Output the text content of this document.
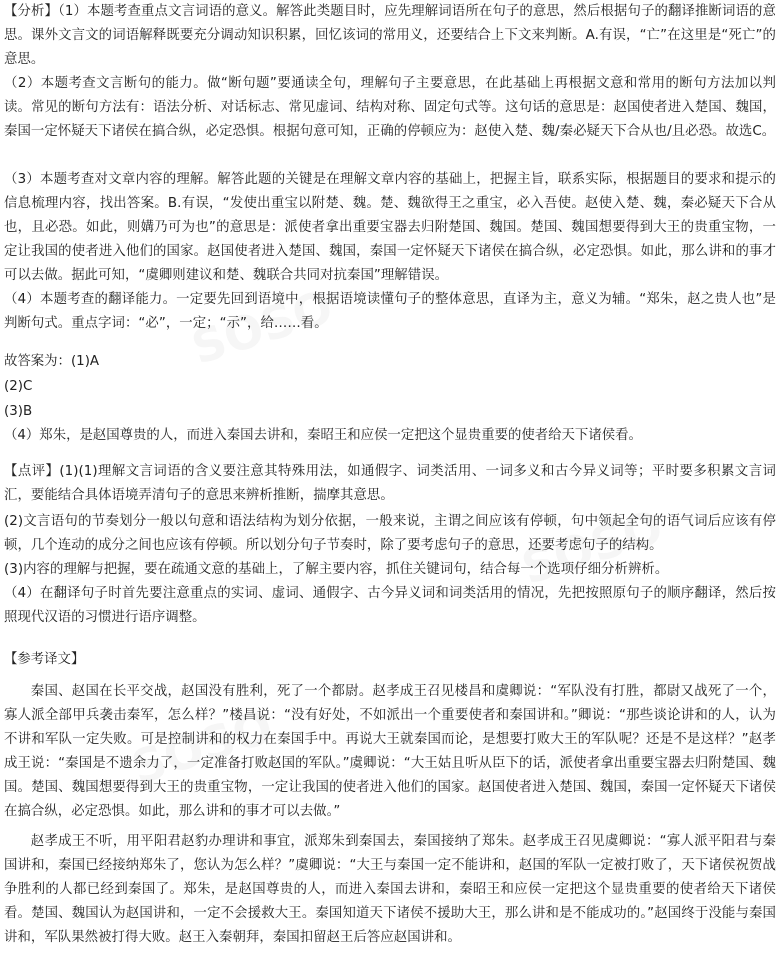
【分析】（1）本题考查重点文言词语的意义。解答此类题目时，应先理解词语所在句子的意思，然后根据句子的翻译推断词语的意思。课外文言文的词语解释既要充分调动知识积累，回忆该词的常用义，还要结合上下文来判断。A.有误，“亡”在这里是“死亡”的意思。
（2）本题考查文言断句的能力。做“断句题”要通读全句，理解句子主要意思，在此基础上再根据文意和常用的断句方法加以判读。常见的断句方法有：语法分析、对话标志、常见虚词、结构对称、固定句式等。这句话的意思是：赵国使者进入楚国、魏国，秦国一定怀疑天下诸侯在搞合纵，必定恐惧。根据句意可知，正确的停顿应为：赵使入楚、魏/秦必疑天下合从也/且必恐。故选C。
（3）本题考查对文章内容的理解。解答此题的关键是在理解文章内容的基础上，把握主旨，联系实际，根据题目的要求和提示的信息梳理内容，找出答案。B.有误，“发使出重宝以附楚、魏。楚、魏欲得王之重宝，必入吾使。赵使入楚、魏，秦必疑天下合从也，且必恐。如此，则媾乃可为也”的意思是：派使者拿出重要宝器去归附楚国、魏国。楚国、魏国想要得到大王的贵重宝物，一定让我国的使者进入他们的国家。赵国使者进入楚国、魏国，秦国一定怀疑天下诸侯在搞合纵，必定恐惧。如此，那么讲和的事才可以去做。据此可知，“虞卿则建议和楚、魏联合共同对抗秦国”理解错误。
（4）本题考查的翻译能力。一定要先回到语境中，根据语境读懂句子的整体意思，直译为主，意义为辅。“郑朱，赵之贵人也”是判断句式。重点字词：“必”，一定；“示”，给……看。
故答案为：(1)A
(2)C
(3)B
（4）郑朱，是赵国尊贵的人，而进入秦国去讲和，秦昭王和应侯一定把这个显贵重要的使者给天下诸侯看。
【点评】(1)(1)理解文言词语的含义要注意其特殊用法，如通假字、词类活用、一词多义和古今异义词等；平时要多积累文言词汇，要能结合具体语境弄清句子的意思来辨析推断，揣摩其意思。
(2)文言语句的节奏划分一般以句意和语法结构为划分依据，一般来说，主谓之间应该有停顿，句中领起全句的语气词后应该有停顿，几个连动的成分之间也应该有停顿。所以划分句子节奏时，除了要考虑句子的意思，还要考虑句子的结构。
(3)内容的理解与把握，要在疏通文意的基础上，了解主要内容，抓住关键词句，结合每一个选项仔细分析辨析。
（4）在翻译句子时首先要注意重点的实词、虚词、通假字、古今异义词和词类活用的情况，先把按照原句子的顺序翻译，然后按照现代汉语的习惯进行语序调整。
【参考译文】
秦国、赵国在长平交战，赵国没有胜利，死了一个都尉。赵孝成王召见楼昌和虞卿说：“军队没有打胜，都尉又战死了一个，寡人派全部甲兵袭击秦军，怎么样？”楼昌说：“没有好处，不如派出一个重要使者和秦国讲和。”卿说：“那些谈论讲和的人，认为不讲和军队一定失败。可是控制讲和的权力在秦国手中。再说大王就秦国而论，是想要打败大王的军队呢？还是不是这样？”赵孝成王说：“秦国是不遗余力了，一定准备打败赵国的军队。”虞卿说：“大王姑且听从臣下的话，派使者拿出重要宝器去归附楚国、魏国。楚国、魏国想要得到大王的贵重宝物，一定让我国的使者进入他们的国家。赵国使者进入楚国、魏国，秦国一定怀疑天下诸侯在搞合纵，必定恐惧。如此，那么讲和的事才可以去做。”
赵孝成王不听，用平阳君赵豹办理讲和事宜，派郑朱到秦国去，秦国接纳了郑朱。赵孝成王召见虞卿说：“寡人派平阳君与秦国讲和，秦国已经接纳郑朱了，您认为怎么样？”虞卿说：“大王与秦国一定不能讲和，赵国的军队一定被打败了，天下诸侯祝贺战争胜利的人都已经到秦国了。郑朱，是赵国尊贵的人，而进入秦国去讲和，秦昭王和应侯一定把这个显贵重要的使者给天下诸侯看。楚国、魏国认为赵国讲和，一定不会援救大王。秦国知道天下诸侯不援助大王，那么讲和是不能成功的。”赵国终于没能与秦国讲和，军队果然被打得大败。赵王入秦朝拜，秦国扣留赵王后答应赵国讲和。
